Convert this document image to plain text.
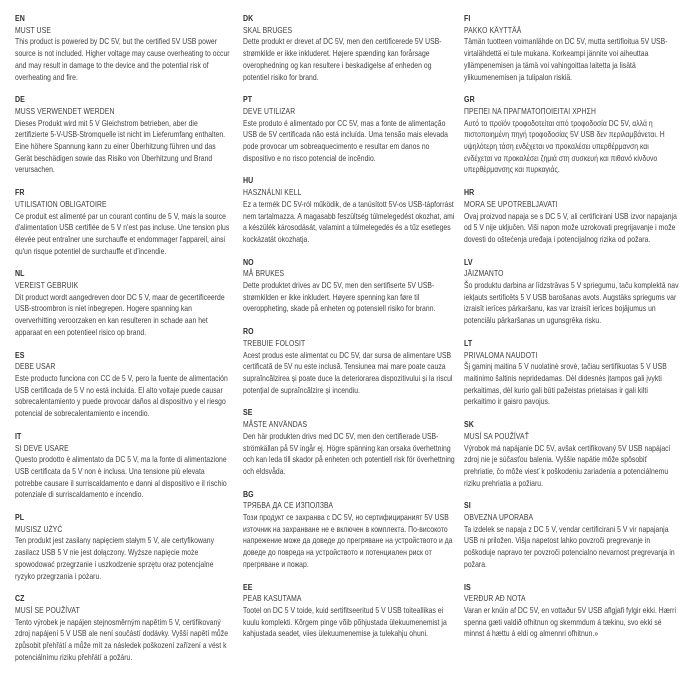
EN
MUST USE

This product is powered by DC 5V, but the certified 5V USB power source is not included. Higher voltage may cause overheating to occur and may result in damage to the device and the potential risk of overheating and fire.

DE
MUSS VERWENDET WERDEN

Dieses Produkt wird mit 5 V Gleichstrom betrieben, aber die zertifizierte 5-V-USB-Stromquelle ist nicht im Lieferumfang enthalten. Eine höhere Spannung kann zu einer Überhitzung führen und das Gerät beschädigen sowie das Risiko von Überhitzung und Brand verursachen.

FR
UTILISATION OBLIGATOIRE

Ce produit est alimenté par un courant continu de 5 V, mais la source d'alimentation USB certifiée de 5 V n'est pas incluse. Une tension plus élevée peut entraîner une surchauffe et endommager l'appareil, ainsi qu'un risque potentiel de surchauffe et d'incendie.

NL
VEREIST GEBRUIK

Dit product wordt aangedreven door DC 5 V, maar de gecertificeerde USB-stroombron is niet inbegrepen. Hogere spanning kan oververhitting veroorzaken en kan resulteren in schade aan het apparaat en een potentieel risico op brand.

ES
DEBE USAR

Este producto funciona con CC de 5 V, pero la fuente de alimentación USB certificada de 5 V no está incluida. El alto voltaje puede causar sobrecalentamiento y puede provocar daños al dispositivo y el riesgo potencial de sobrecalentamiento e incendio.

IT
SI DEVE USARE

Questo prodotto è alimentato da DC 5 V, ma la fonte di alimentazione USB certificata da 5 V non è inclusa. Una tensione più elevata potrebbe causare il surriscaldamento e danni al dispositivo e il rischio potenziale di surriscaldamento e incendio.

PL
MUSISZ UŻYĆ

Ten produkt jest zasilany napięciem stałym 5 V, ale certyfikowany zasilacz USB 5 V nie jest dołączony. Wyższe napięcie może spowodować przegrzanie i uszkodzenie sprzętu oraz potencjalne ryzyko przegrzania i pożaru.

CZ
MUSÍ SE POUŽÍVAT

Tento výrobek je napájen stejnosměrným napětím 5 V, certifikovaný zdroj napájení 5 V USB ale není součástí dodávky. Vyšší napětí může způsobit přehřátí a může mít za následek poškození zařízení a vést k potenciálnímu riziku přehřátí a požáru.

DK
SKAL BRUGES

Dette produkt er drevet af DC 5V, men den certificerede 5V USB-strømkilde er ikke inkluderet. Højere spænding kan forårsage overophedning og kan resultere i beskadigelse af enheden og potentiel risiko for brand.

PT
DEVE UTILIZAR

Este produto é alimentado por CC 5V, mas a fonte de alimentação USB de 5V certificada não está incluída. Uma tensão mais elevada pode provocar um sobreaquecimento e resultar em danos no dispositivo e no risco potencial de incêndio.

HU
HASZNÁLNI KELL

Ez a termék DC 5V-ról működik, de a tanúsított 5V-os USB-tápforrást nem tartalmazza. A magasabb feszültség túlmelegedést okozhat, ami a készülék károsodását, valamint a túlmelegedés és a tűz esetleges kockázatát okozhatja.

NO
MÅ BRUKES

Dette produktet drives av DC 5V, men den sertifiserte 5V USB-strømkilden er ikke inkludert. Høyere spenning kan føre til overoppheting, skade på enheten og potensiell risiko for brann.

RO
TREBUIE FOLOSIT

Acest produs este alimentat cu DC 5V, dar sursa de alimentare USB certificată de 5V nu este inclusă. Tensiunea mai mare poate cauza supraîncălzirea și poate duce la deteriorarea dispozitivului și la riscul potențial de supraîncălzire și incendiu.

SE
MÅSTE ANVÄNDAS

Den här produkten drivs med DC 5V, men den certifierade USB-strömkällan på 5V ingår ej. Högre spänning kan orsaka överhettning och kan leda till skador på enheten och potentiell risk för överhettning och eldsvåda.

BG
ТРЯБВА ДА СЕ ИЗПОЛЗВА

Този продукт се захранва с DC 5V, но сертифицираният 5V USB източник на захранване не е включен в комплекта. По-високото напрежение може да доведе до прегряване на устройството и да доведе до повреда на устройството и потенциален риск от прегряване и пожар.

EE
PEAB KASUTAMA

Tootel on DC 5 V toide, kuid sertifitseeritud 5 V USB toiteallikas ei kuulu komplekti. Kõrgem pinge võib põhjustada ülekuumenemist ja kahjustada seadet, viies ülekuumenemise ja tulekahju ohuni.

FI
PAKKO KÄYTTÄÄ

Tämän tuotteen voimanlähde on DC 5V, mutta sertifioitua 5V USB-virtalähdettä ei tule mukana. Korkeampi jännite voi aiheuttaa yllämpenemisen ja tämä voi vahingoittaa laitetta ja lisätä ylikuumenemisen ja tulipalon riskiä.

GR
ΠΡΕΠΕΙ ΝΑ ΠΡΑΓΜΑΤΟΠΟΙΕΙΤΑΙ ΧΡΗΣΗ

Αυτό το προϊόν τροφοδοτείται από τροφοδοσία DC 5V, αλλά η πιστοποιημένη πηγή τροφοδοσίας 5V USB δεν περιλαμβάνεται. Η υψηλότερη τάση ενδέχεται να προκαλέσει υπερθέρμανση και ενδέχεται να προκαλέσει ζημιά στη συσκευή και πιθανό κίνδυνο υπερθέρμανσης και πυρκαγιάς.

HR
MORA SE UPOTREBLJAVATI

Ovaj proizvod napaja se s DC 5 V, ali certificirani USB izvor napajanja od 5 V nije uključen. Viši napon može uzrokovati pregrijavanje i može dovesti do oštećenja uređaja i potencijalnog rizika od požara.

LV
JĀIZMANTO

Šo produktu darbina ar līdzstrāvas 5 V spriegumu, taču komplektā nav iekļauts sertificēts 5 V USB barošanas avots. Augstāks spriegums var izraisīt ierīces pārkaršanu, kas var izraisīt ierīces bojājumus un potenciālu pārkaršanas un ugunsgrēka risku.

LT
PRIVALOMA NAUDOTI

Šį gaminį maitina 5 V nuolatinė srovė, tačiau sertifikuotas 5 V USB maitinimo šaltinis nepridedamas. Dėl didesnės įtampos gali įvykti perkaitimas, dėl kurio gali būti pažeistas prietaisas ir gali kilti perkaitimo ir gaisro pavojus.

SK
MUSÍ SA POUŽÍVAŤ

Výrobok má napájanie DC 5V, avšak certifikovaný 5V USB napájací zdroj nie je súčasťou balenia. Vyššie napätie môže spôsobiť prehriatie, čo môže viesť k poškodeniu zariadenia a potenciálnemu riziku prehriatia a požiaru.

SI
OBVEZNA UPORABA

Ta izdelek se napaja z DC 5 V, vendar certificirani 5 V vir napajanja USB ni priložen. Višja napetost lahko povzroči pregrevanje in poškoduje napravo ter povzroči potencialno nevarnost pregrevanja in požara.

IS
VERÐUR AÐ NOTA

Varan er knúin af DC 5V, en vottaður 5V USB aflgjafi fylgir ekki. Hærri spenna gæti valdið ofhitnun og skemmdum á tækinu, svo ekki sé minnst á hættu á eldi og almennri ofhitnun.»
